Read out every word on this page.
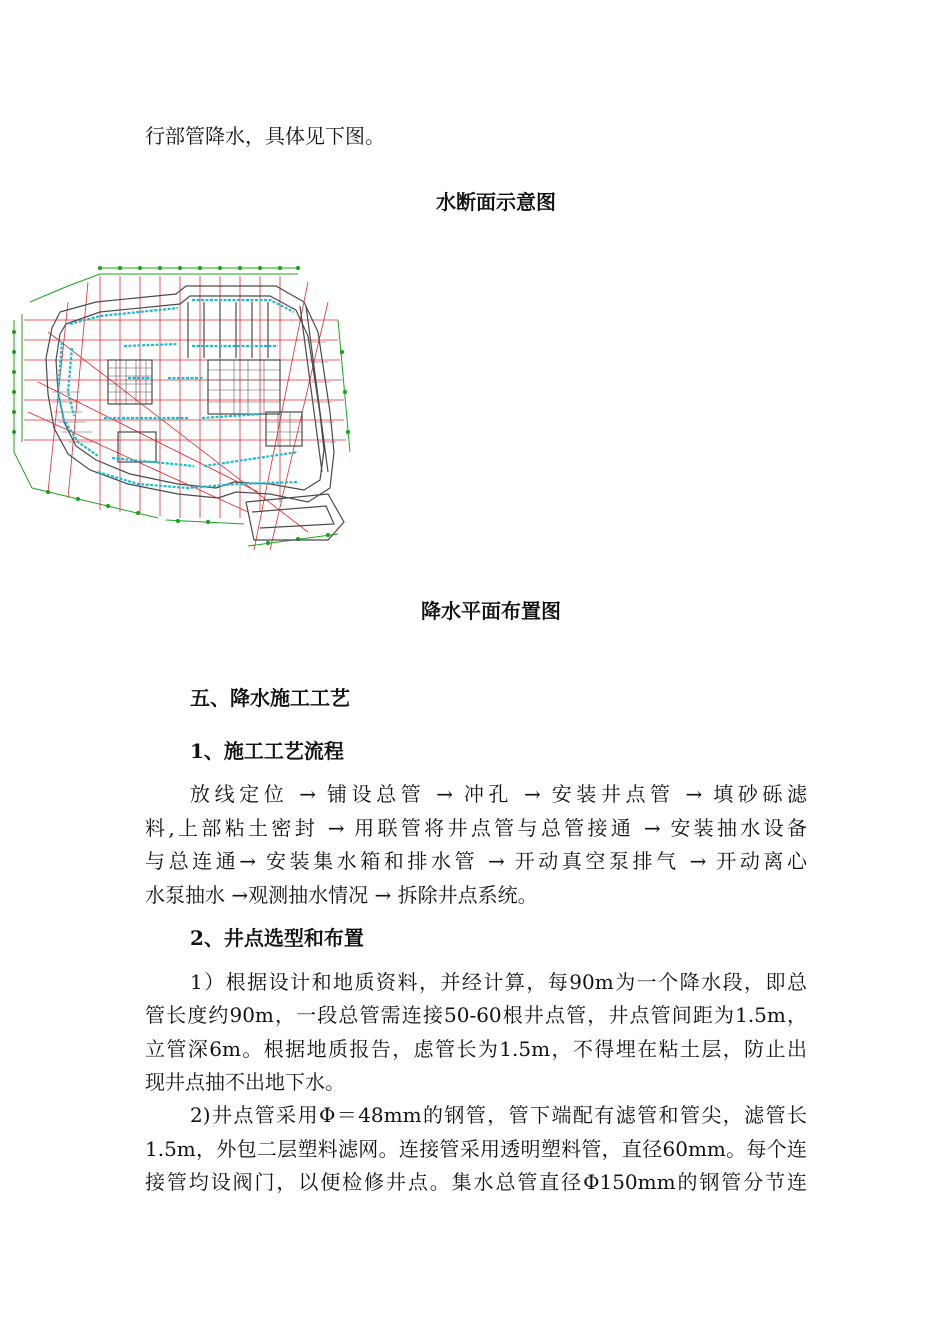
行部管降水，具体见下图。
水断面示意图
降水平面布置图
五、降水施工工艺
1、施工工艺流程
放线定位 → 铺设总管 → 冲孔 → 安装井点管 → 填砂砾滤
料,上部粘土密封 → 用联管将井点管与总管接通 → 安装抽水设备
与总连通→ 安装集水箱和排水管 → 开动真空泵排气 → 开动离心
水泵抽水 →观测抽水情况 → 拆除井点系统。
2、井点选型和布置
1）根据设计和地质资料，并经计算，每90m为一个降水段，即总
管长度约90m，一段总管需连接50-60根井点管，井点管间距为1.5m，
立管深6m。根据地质报告，虑管长为1.5m，不得埋在粘土层，防止出
现井点抽不出地下水。
2)井点管采用Φ＝48mm的钢管，管下端配有滤管和管尖，滤管长
1.5m，外包二层塑料滤网。连接管采用透明塑料管，直径60mm。每个连
接管均设阀门，以便检修井点。集水总管直径Φ150mm的钢管分节连
